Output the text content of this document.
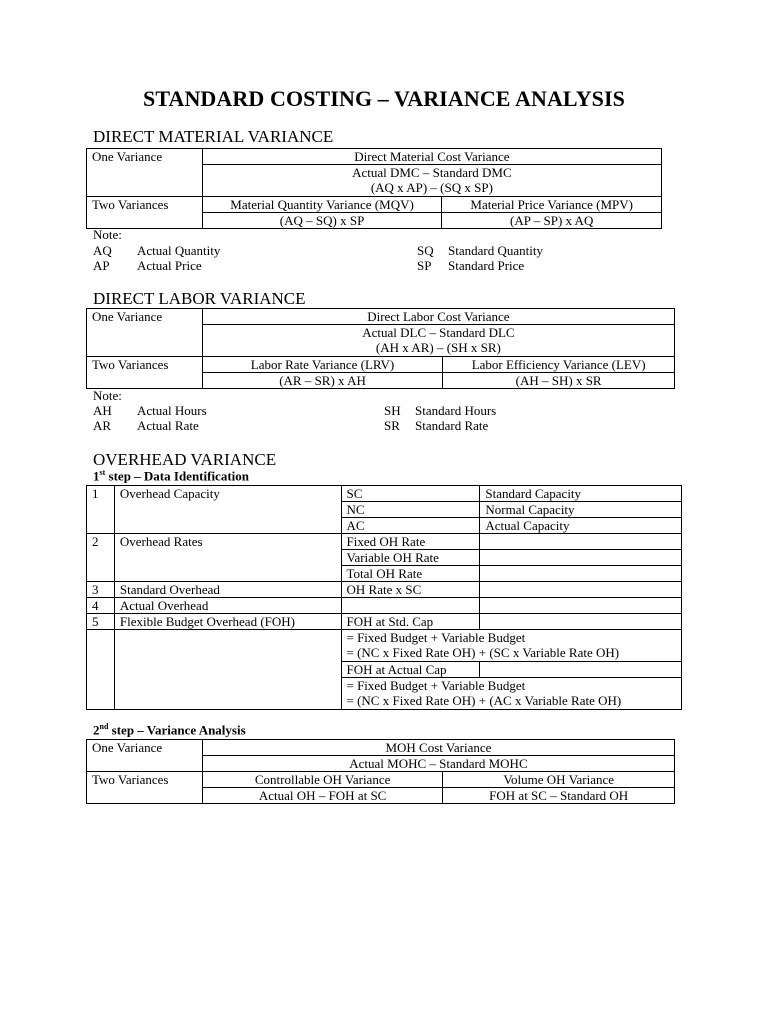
STANDARD COSTING – VARIANCE ANALYSIS
DIRECT MATERIAL VARIANCE
One Variance	Direct Material Cost Variance	

	Actual DMC – Standard DMC
(AQ x AP) – (SQ x SP)	

Two Variances	Material Quantity Variance (MQV)	Material Price Variance (MPV)
	(AQ – SQ) x SP	(AP – SP) x AQ
Note:
AQ Actual Quantity
AP Actual Price
SQ Standard Quantity
SP Standard Price
DIRECT LABOR VARIANCE
One Variance	Direct Labor Cost Variance	

	Actual DLC – Standard DLC
(AH x AR) – (SH x SR)	

Two Variances	Labor Rate Variance (LRV)	Labor Efficiency Variance (LEV)
	(AR – SR) x AH	(AH – SH) x SR
Note:
AH Actual Hours
AR Actual Rate
SH Standard Hours
SR Standard Rate
OVERHEAD VARIANCE
1st step – Data Identification
1	Overhead Capacity	SC	Standard Capacity
		NC	Normal Capacity
		AC	Actual Capacity
2	Overhead Rates	Fixed OH Rate	
		Variable OH Rate	
		Total OH Rate	
3	Standard Overhead	OH Rate x SC	
4	Actual Overhead		
5	Flexible Budget Overhead (FOH)	FOH at Std. Cap	

		= Fixed Budget + Variable Budget
= (NC x Fixed Rate OH) + (SC x Variable Rate OH)	

		FOH at Actual Cap	

		= Fixed Budget + Variable Budget
= (NC x Fixed Rate OH) + (AC x Variable Rate OH)	
2nd step – Variance Analysis
One Variance	MOH Cost Variance	
	Actual MOHC – Standard MOHC	
Two Variances	Controllable OH Variance	Volume OH Variance
	Actual OH – FOH at SC	FOH at SC – Standard OH
